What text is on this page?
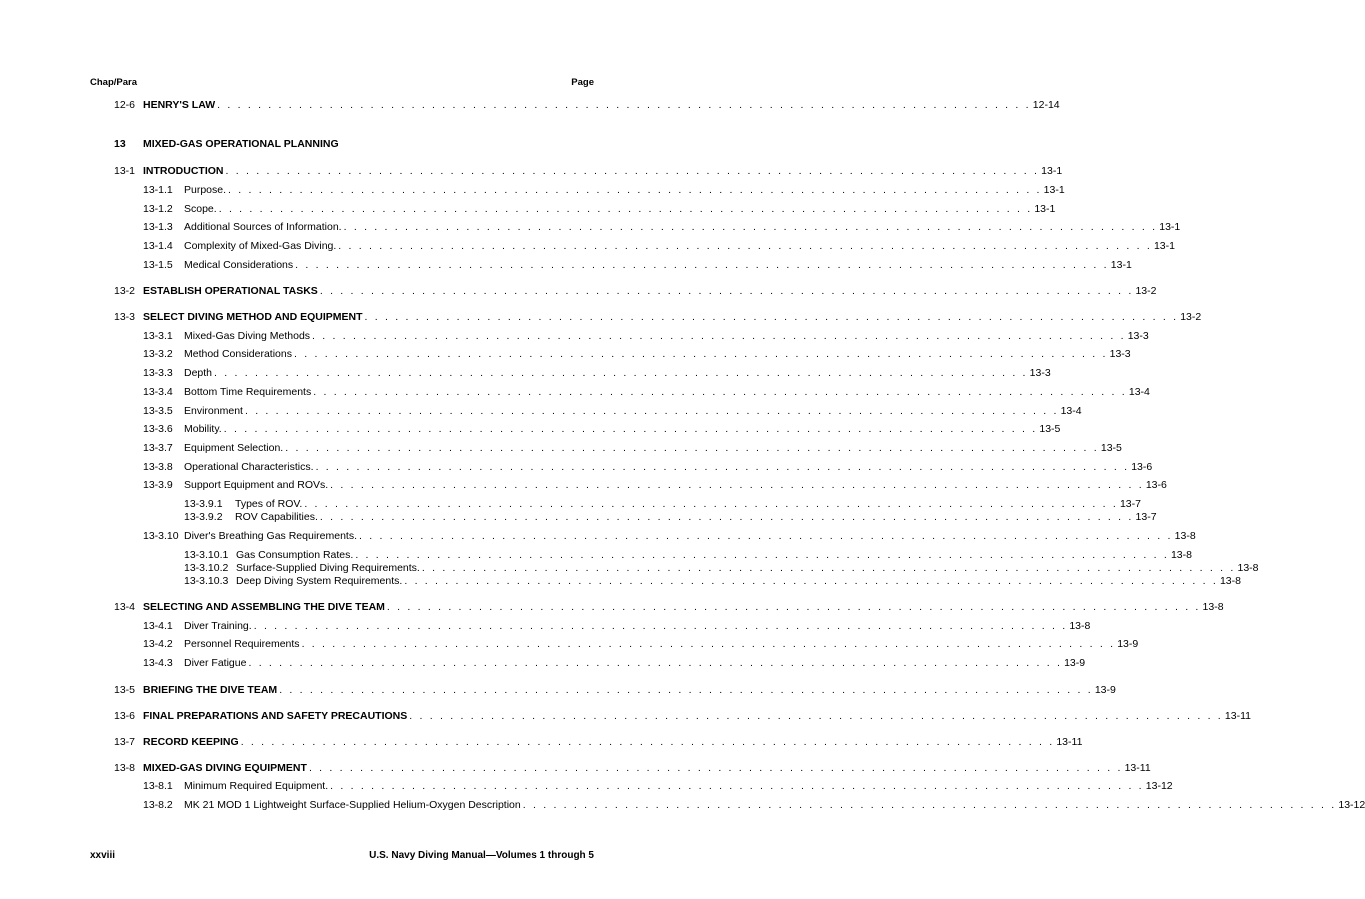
Chap/Para	Page
12-6 HENRY'S LAW . . . . . . . . . . . . . . . . . . . . . . . . . . . . . . . . . . . . . . . . . . . . . . . . . . . . . . . . . . . . . . . . . . . . . . . . . . . . . . . . 12-14
13 MIXED-GAS OPERATIONAL PLANNING
13-1 INTRODUCTION . . . . . . . . . . . . . . . . . . . . . . . . . . . . . . . . . . . . . . . . . . . . . . . . . . . . . . . . . . . . . . . . . . . . . . . . . . . . . . . . 13-1
13-1.1 Purpose. . . . . . . . . . . . . . . . . . . . . . . . . . . . . . . . . . . . . . . . . . . . . . . . . . . . . . . . . . . . . . . . . . . . . . . . . . . . . . . . . 13-1
13-1.2 Scope. . . . . . . . . . . . . . . . . . . . . . . . . . . . . . . . . . . . . . . . . . . . . . . . . . . . . . . . . . . . . . . . . . . . . . . . . . . . . . . . . 13-1
13-1.3 Additional Sources of Information. . . . . . . . . . . . . . . . . . . . . . . . . . . . . . . . . . . . . . . . . . . . . . . . . . . . . . . . . . . . . . . . . . . . . . . . . . . . . . . . . 13-1
13-1.4 Complexity of Mixed-Gas Diving. . . . . . . . . . . . . . . . . . . . . . . . . . . . . . . . . . . . . . . . . . . . . . . . . . . . . . . . . . . . . . . . . . . . . . . . . . . . . . . . . 13-1
13-1.5 Medical Considerations . . . . . . . . . . . . . . . . . . . . . . . . . . . . . . . . . . . . . . . . . . . . . . . . . . . . . . . . . . . . . . . . . . . . . . . . . . . . . . . . 13-1
13-2 ESTABLISH OPERATIONAL TASKS . . . . . . . . . . . . . . . . . . . . . . . . . . . . . . . . . . . . . . . . . . . . . . . . . . . . . . . . . . . . . . . . . . . . . . . . . . . . . . . . 13-2
13-3 SELECT DIVING METHOD AND EQUIPMENT . . . . . . . . . . . . . . . . . . . . . . . . . . . . . . . . . . . . . . . . . . . . . . . . . . . . . . . . . . . . . . . . . . . . . . . . . . . . . . . . 13-2
13-3.1 Mixed-Gas Diving Methods . . . . . . . . . . . . . . . . . . . . . . . . . . . . . . . . . . . . . . . . . . . . . . . . . . . . . . . . . . . . . . . . . . . . . . . . . . . . . . . . 13-3
13-3.2 Method Considerations . . . . . . . . . . . . . . . . . . . . . . . . . . . . . . . . . . . . . . . . . . . . . . . . . . . . . . . . . . . . . . . . . . . . . . . . . . . . . . . . 13-3
13-3.3 Depth . . . . . . . . . . . . . . . . . . . . . . . . . . . . . . . . . . . . . . . . . . . . . . . . . . . . . . . . . . . . . . . . . . . . . . . . . . . . . . . . 13-3
13-3.4 Bottom Time Requirements . . . . . . . . . . . . . . . . . . . . . . . . . . . . . . . . . . . . . . . . . . . . . . . . . . . . . . . . . . . . . . . . . . . . . . . . . . . . . . . . 13-4
13-3.5 Environment . . . . . . . . . . . . . . . . . . . . . . . . . . . . . . . . . . . . . . . . . . . . . . . . . . . . . . . . . . . . . . . . . . . . . . . . . . . . . . . . 13-4
13-3.6 Mobility. . . . . . . . . . . . . . . . . . . . . . . . . . . . . . . . . . . . . . . . . . . . . . . . . . . . . . . . . . . . . . . . . . . . . . . . . . . . . . . . . 13-5
13-3.7 Equipment Selection. . . . . . . . . . . . . . . . . . . . . . . . . . . . . . . . . . . . . . . . . . . . . . . . . . . . . . . . . . . . . . . . . . . . . . . . . . . . . . . . . 13-5
13-3.8 Operational Characteristics. . . . . . . . . . . . . . . . . . . . . . . . . . . . . . . . . . . . . . . . . . . . . . . . . . . . . . . . . . . . . . . . . . . . . . . . . . . . . . . . . 13-6
13-3.9 Support Equipment and ROVs. . . . . . . . . . . . . . . . . . . . . . . . . . . . . . . . . . . . . . . . . . . . . . . . . . . . . . . . . . . . . . . . . . . . . . . . . . . . . . . . . 13-6
13-3.9.1 Types of ROV. . . . . . . . . . . . . . . . . . . . . . . . . . . . . . . . . . . . . . . . . . . . . . . . . . . . . . . . . . . . . . . . . . . . . . . . . . . . . . . . . 13-7
13-3.9.2 ROV Capabilities. . . . . . . . . . . . . . . . . . . . . . . . . . . . . . . . . . . . . . . . . . . . . . . . . . . . . . . . . . . . . . . . . . . . . . . . . . . . . . . . . 13-7
13-3.10 Diver's Breathing Gas Requirements. . . . . . . . . . . . . . . . . . . . . . . . . . . . . . . . . . . . . . . . . . . . . . . . . . . . . . . . . . . . . . . . . . . . . . . . . . . . . . . . . 13-8
13-3.10.1 Gas Consumption Rates. . . . . . . . . . . . . . . . . . . . . . . . . . . . . . . . . . . . . . . . . . . . . . . . . . . . . . . . . . . . . . . . . . . . . . . . . . . . . . . . . 13-8
13-3.10.2 Surface-Supplied Diving Requirements. . . . . . . . . . . . . . . . . . . . . . . . . . . . . . . . . . . . . . . . . . . . . . . . . . . . . . . . . . . . . . . . . . . . . . . . . . . . . . . . . 13-8
13-3.10.3 Deep Diving System Requirements. . . . . . . . . . . . . . . . . . . . . . . . . . . . . . . . . . . . . . . . . . . . . . . . . . . . . . . . . . . . . . . . . . . . . . . . . . . . . . . . . 13-8
13-4 SELECTING AND ASSEMBLING THE DIVE TEAM . . . . . . . . . . . . . . . . . . . . . . . . . . . . . . . . . . . . . . . . . . . . . . . . . . . . . . . . . . . . . . . . . . . . . . . . . . . . . . . . 13-8
13-4.1 Diver Training. . . . . . . . . . . . . . . . . . . . . . . . . . . . . . . . . . . . . . . . . . . . . . . . . . . . . . . . . . . . . . . . . . . . . . . . . . . . . . . . . 13-8
13-4.2 Personnel Requirements . . . . . . . . . . . . . . . . . . . . . . . . . . . . . . . . . . . . . . . . . . . . . . . . . . . . . . . . . . . . . . . . . . . . . . . . . . . . . . . . 13-9
13-4.3 Diver Fatigue . . . . . . . . . . . . . . . . . . . . . . . . . . . . . . . . . . . . . . . . . . . . . . . . . . . . . . . . . . . . . . . . . . . . . . . . . . . . . . . . 13-9
13-5 BRIEFING THE DIVE TEAM . . . . . . . . . . . . . . . . . . . . . . . . . . . . . . . . . . . . . . . . . . . . . . . . . . . . . . . . . . . . . . . . . . . . . . . . . . . . . . . . 13-9
13-6 FINAL PREPARATIONS AND SAFETY PRECAUTIONS . . . . . . . . . . . . . . . . . . . . . . . . . . . . . . . . . . . . . . . . . . . . . . . . . . . . . . . . . . . . . . . . . . . . . . . . . . . . . . . . 13-11
13-7 RECORD KEEPING . . . . . . . . . . . . . . . . . . . . . . . . . . . . . . . . . . . . . . . . . . . . . . . . . . . . . . . . . . . . . . . . . . . . . . . . . . . . . . . . 13-11
13-8 MIXED-GAS DIVING EQUIPMENT . . . . . . . . . . . . . . . . . . . . . . . . . . . . . . . . . . . . . . . . . . . . . . . . . . . . . . . . . . . . . . . . . . . . . . . . . . . . . . . . 13-11
13-8.1 Minimum Required Equipment. . . . . . . . . . . . . . . . . . . . . . . . . . . . . . . . . . . . . . . . . . . . . . . . . . . . . . . . . . . . . . . . . . . . . . . . . . . . . . . . . 13-12
13-8.2 MK 21 MOD 1 Lightweight Surface-Supplied Helium-Oxygen Description . . . . . . . . . . . . . . . . . . . . . . . . . . . . . . . . . . . . . . . . . . . . . . . . . . . . . . . . . . . . . . . . . . . . . . . . . . . . . . . . 13-12
xxviii	U.S. Navy Diving Manual—Volumes 1 through 5
